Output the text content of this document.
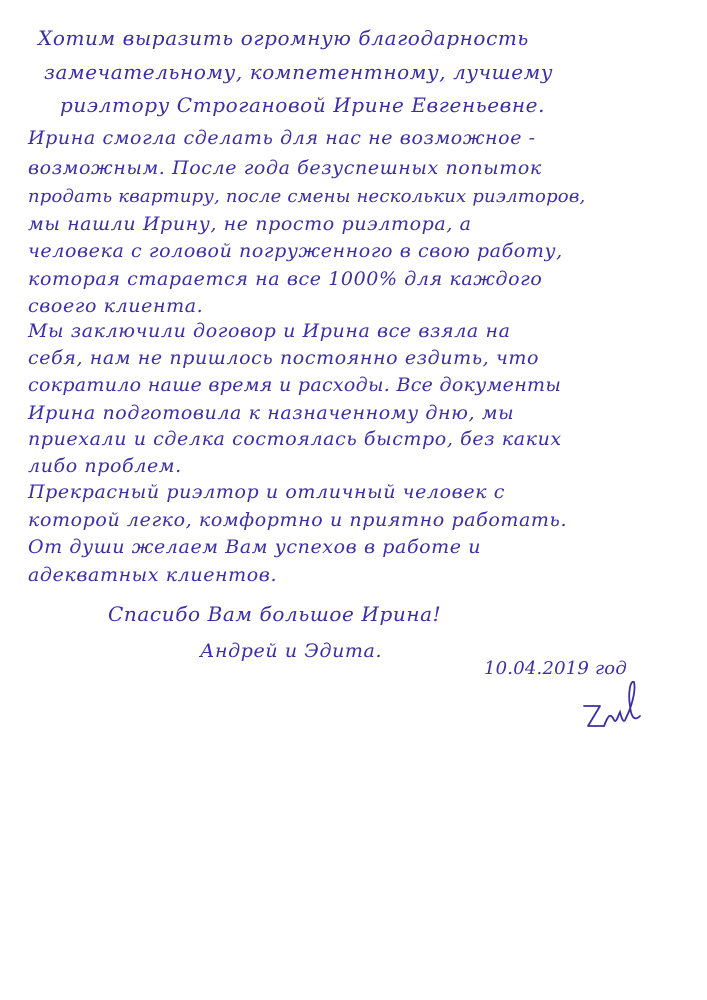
Хотим выразить огромную благодарность
замечательному, компетентному, лучшему
риэлтору Строгановой Ирине Евгеньевне.
Ирина смогла сделать для нас не возможное -
возможным. После года безуспешных попыток
продать квартиру, после смены нескольких риэлторов,
мы нашли Ирину, не просто риэлтора, а
человека с головой погруженного в свою работу,
которая старается на все 1000% для каждого
своего клиента.
Мы заключили договор и Ирина все взяла на
себя, нам не пришлось постоянно ездить, что
сократило наше время и расходы. Все документы
Ирина подготовила к назначенному дню, мы
приехали и сделка состоялась быстро, без каких
либо проблем.
Прекрасный риэлтор и отличный человек с
которой легко, комфортно и приятно работать.
От души желаем Вам успехов в работе и
адекватных клиентов.
Спасибо Вам большое Ирина!
Андрей и Эдита.
10.04.2019 год
